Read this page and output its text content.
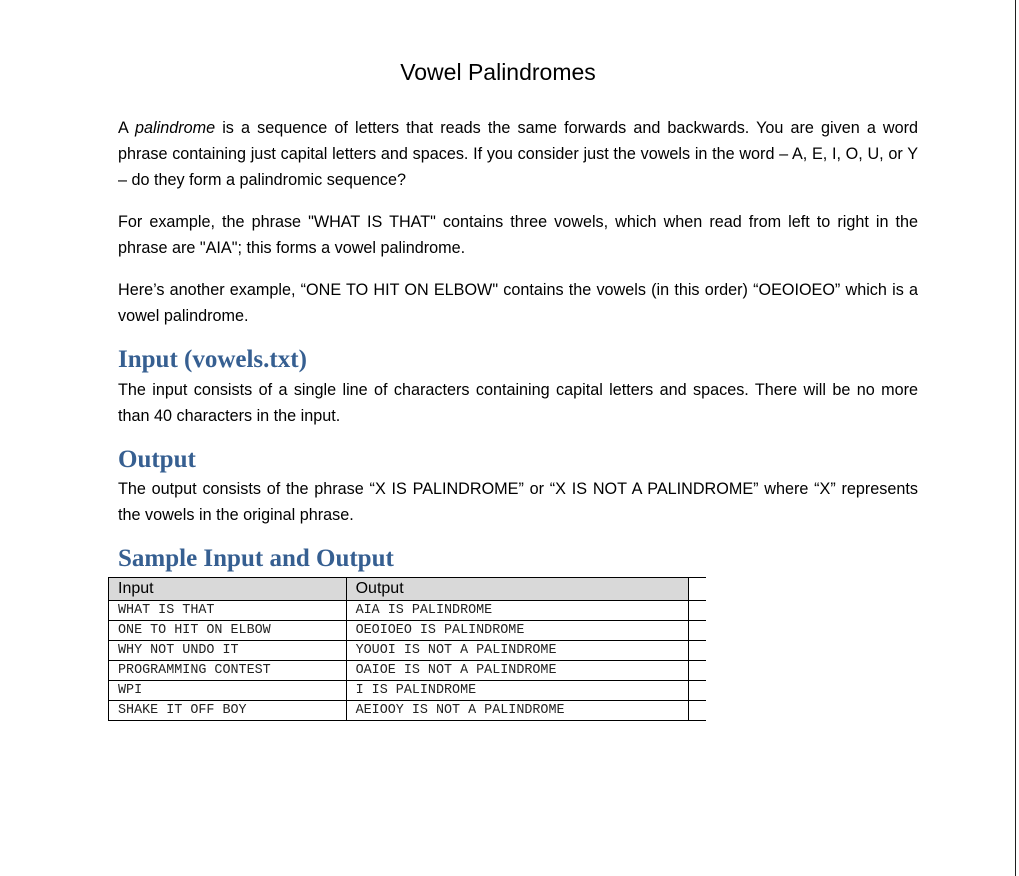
Vowel Palindromes

A palindrome is a sequence of letters that reads the same forwards and backwards. You are given a word phrase containing just capital letters and spaces. If you consider just the vowels in the word – A, E, I, O, U, or Y – do they form a palindromic sequence?

For example, the phrase "WHAT IS THAT" contains three vowels, which when read from left to right in the phrase are "AIA"; this forms a vowel palindrome.

Here’s another example, “ONE TO HIT ON ELBOW" contains the vowels (in this order) “OEOIOEO” which is a vowel palindrome.

Input (vowels.txt)

The input consists of a single line of characters containing capital letters and spaces. There will be no more than 40 characters in the input.

Output

The output consists of the phrase “X IS PALINDROME” or “X IS NOT A PALINDROME” where “X” represents the vowels in the original phrase.

Sample Input and Output
Input	Output	
WHAT IS THAT	AIA IS PALINDROME	
ONE TO HIT ON ELBOW	OEOIOEO IS PALINDROME	
WHY NOT UNDO IT	YOUOI IS NOT A PALINDROME	
PROGRAMMING CONTEST	OAIOE IS NOT A PALINDROME	
WPI	I IS PALINDROME	
SHAKE IT OFF BOY	AEIOOY IS NOT A PALINDROME	
